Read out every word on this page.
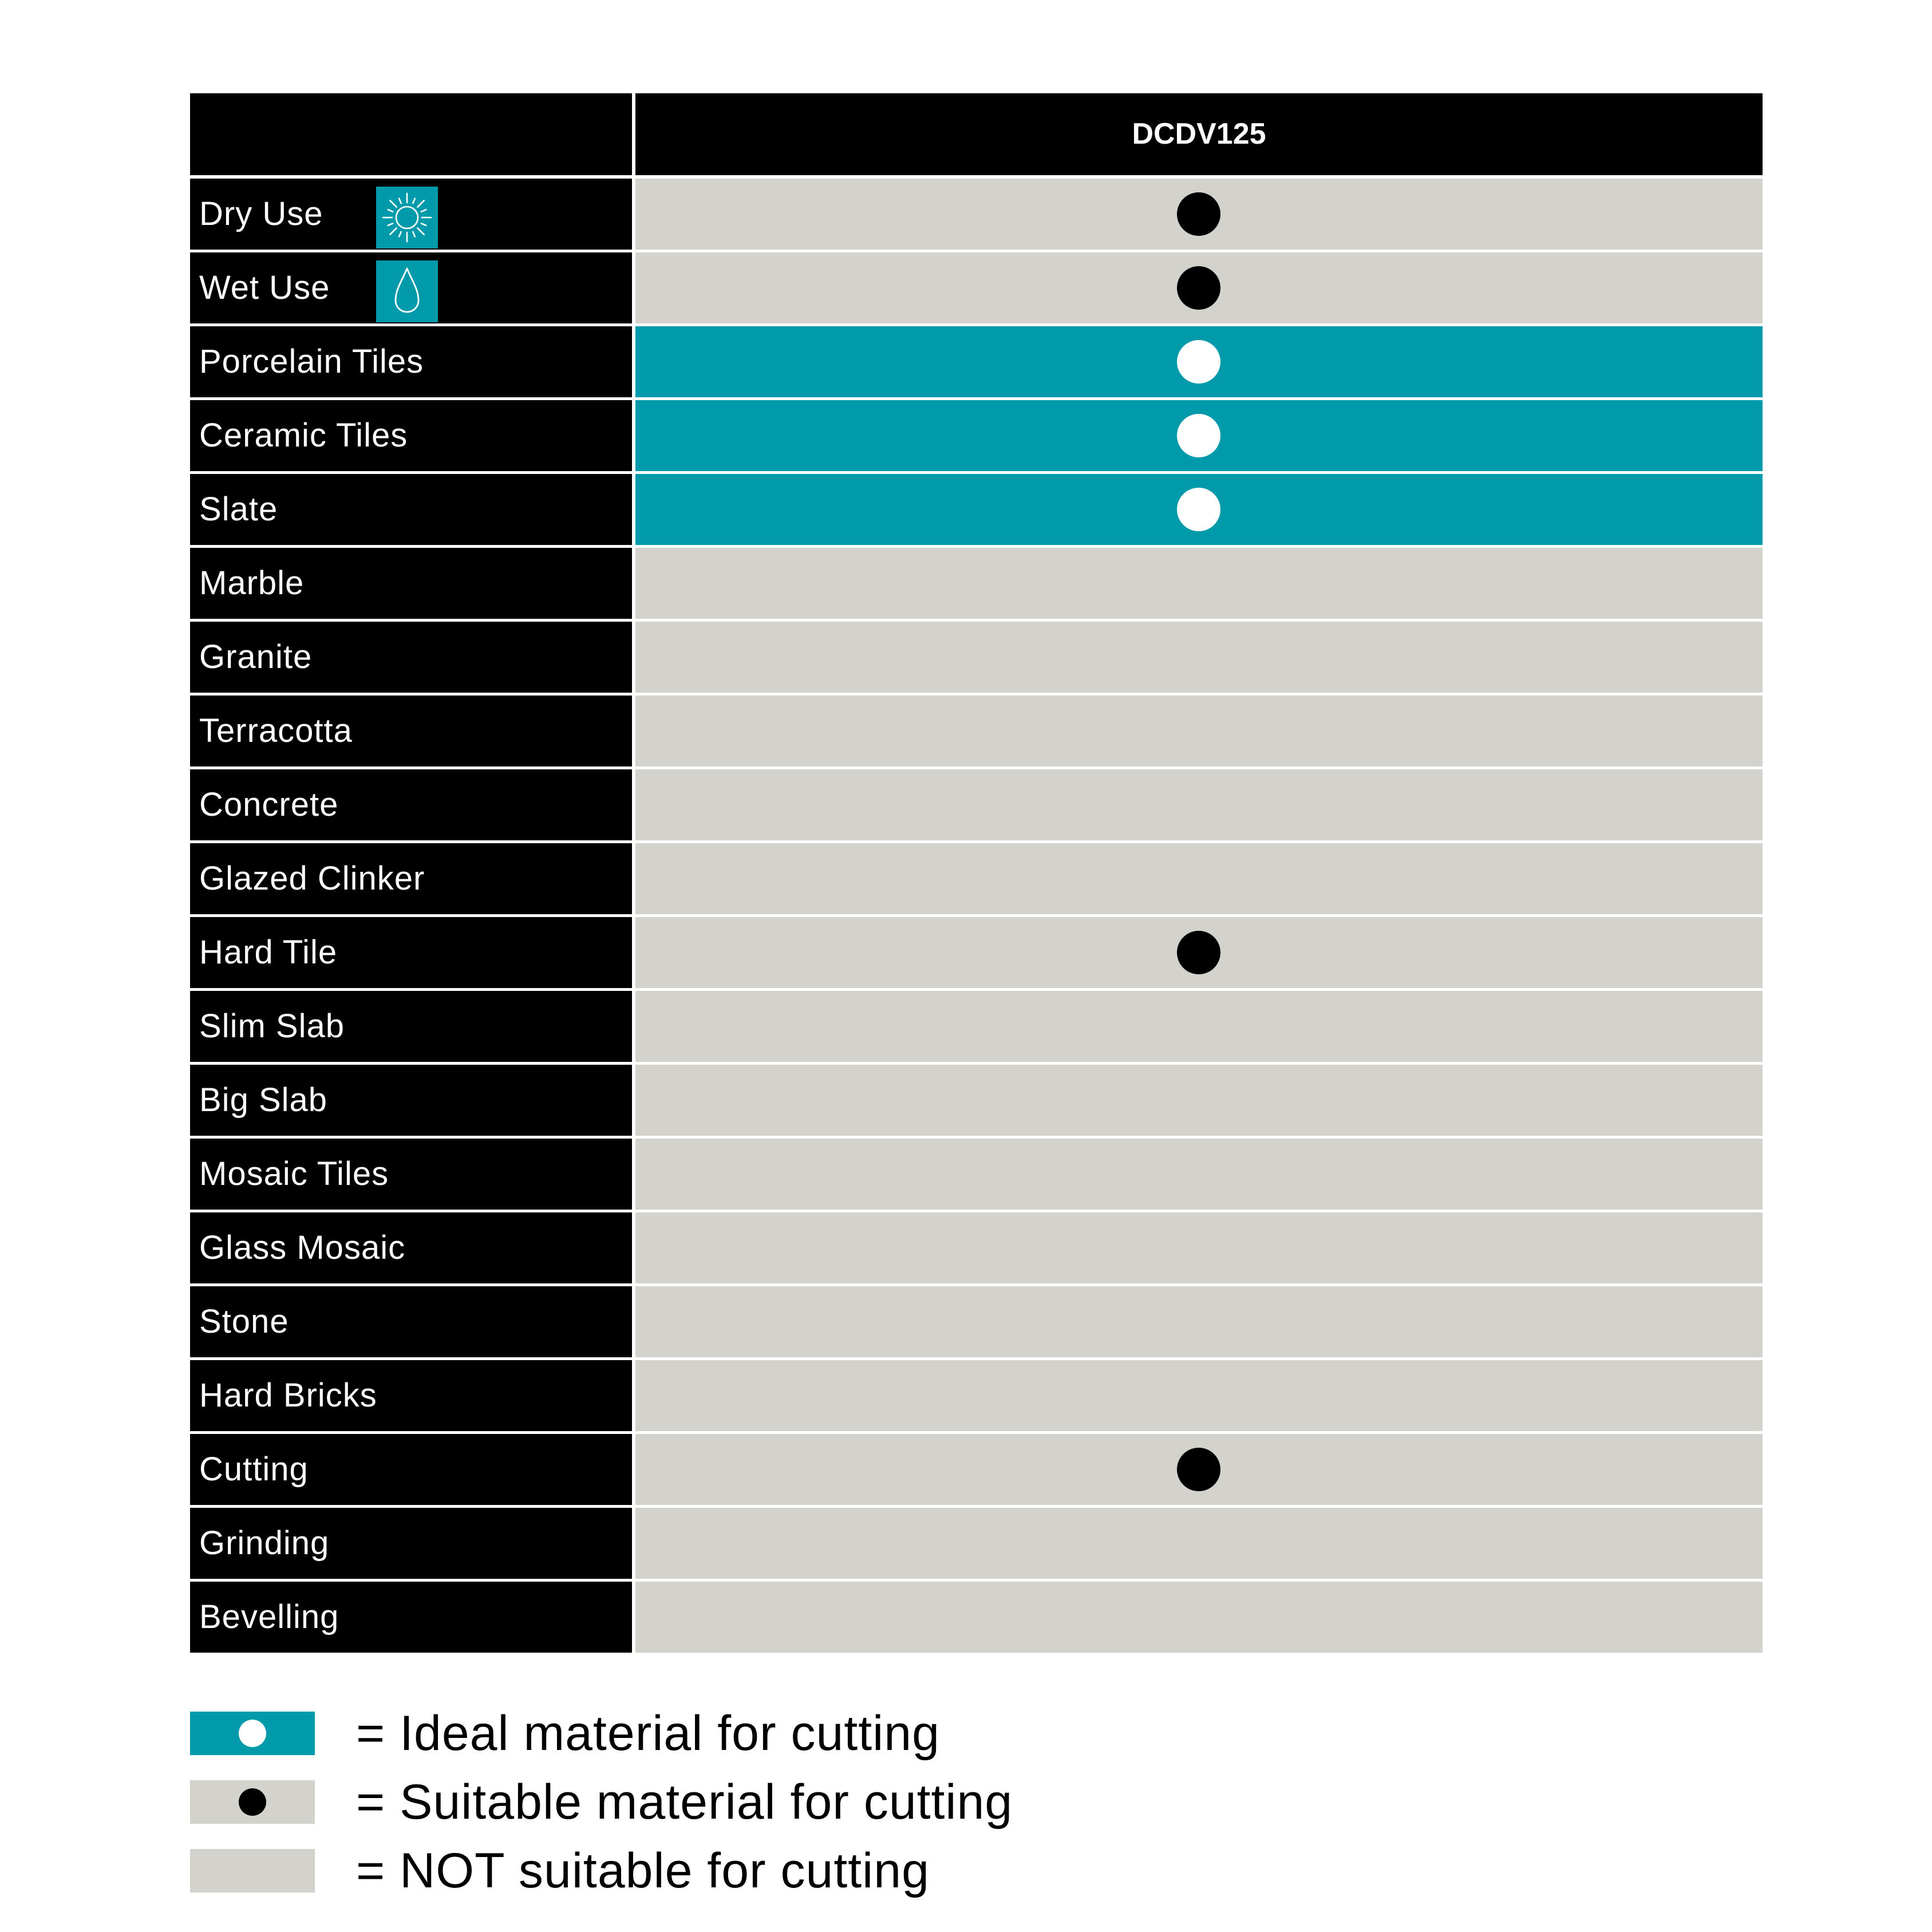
DCDV125
Dry Use
Wet Use
Porcelain Tiles
Ceramic Tiles
Slate
Marble
Granite
Terracotta
Concrete
Glazed Clinker
Hard Tile
Slim Slab
Big Slab
Mosaic Tiles
Glass Mosaic
Stone
Hard Bricks
Cutting
Grinding
Bevelling
= Ideal material for cutting
= Suitable material for cutting
= NOT suitable for cutting
